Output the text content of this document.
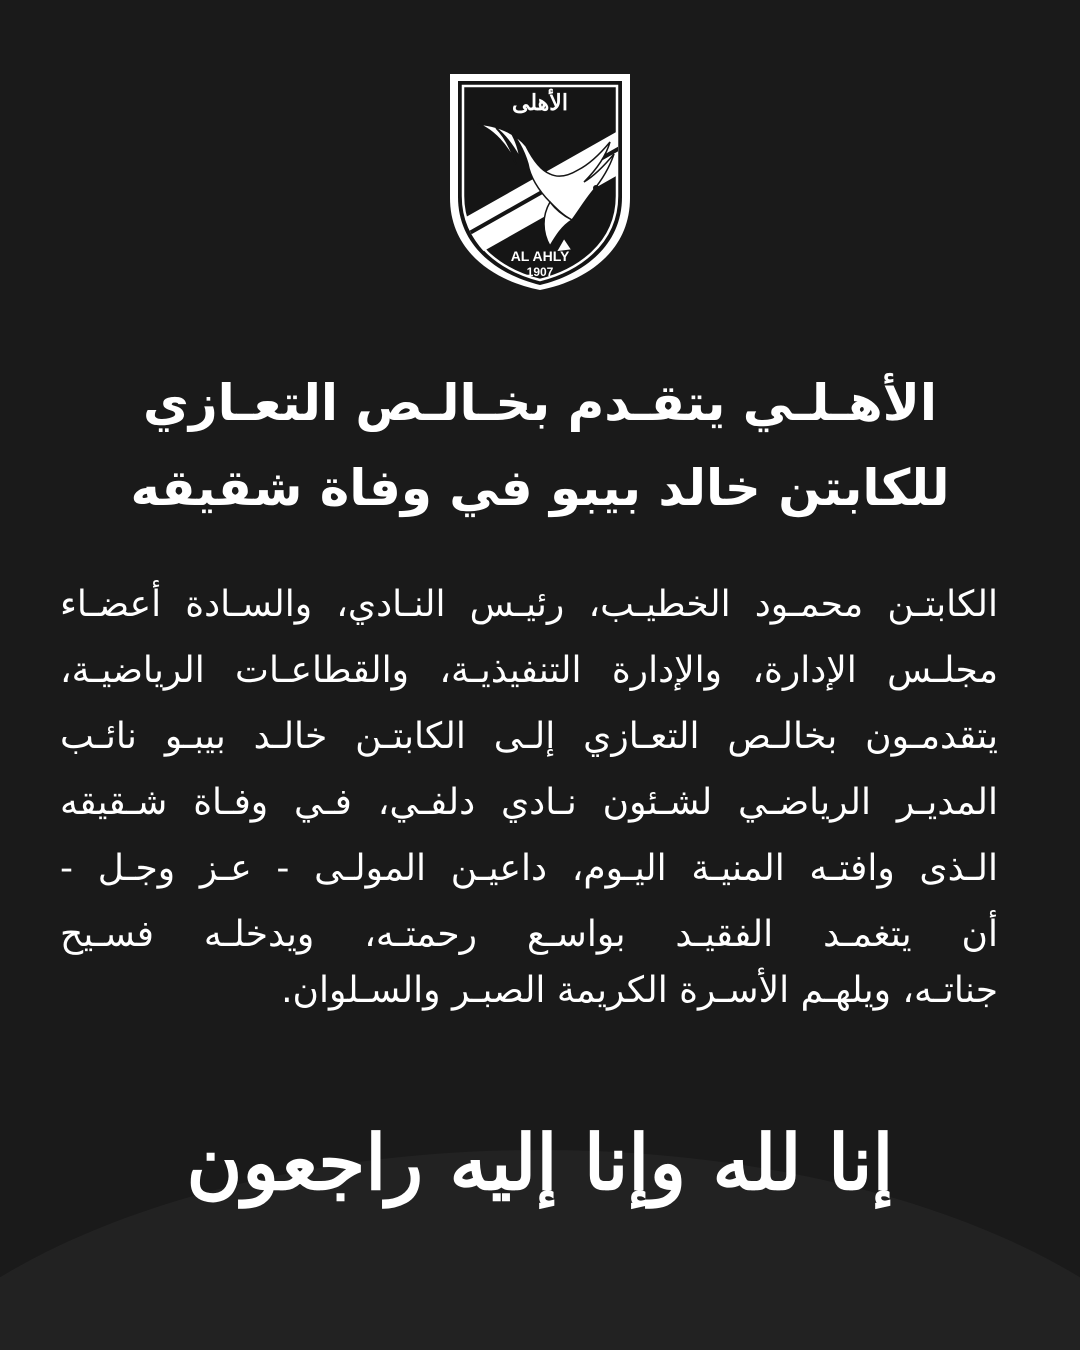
الأهلى
AL AHLY
1907
الأهـلـي يتقـدم بخـالـص التعـازي
للكابتن خالد بيبو في وفاة شقيقه
الكابتـن محمـود الخطيـب، رئيـس النـادي، والسـادة أعضـاء
مجلـس الإدارة، والإدارة التنفيذيـة، والقطاعـات الرياضيـة،
يتقدمـون بخالـص التعـازي إلـى الكابتـن خالـد بيبـو نائـب
المديـر الرياضـي لشـئون نـادي دلفـي، فـي وفـاة شـقيقه
الـذى وافتـه المنيـة اليـوم، داعيـن المولـى - عـز وجـل -
أن يتغمـد الفقيـد بواسـع رحمتـه، ويدخلـه فسـيح
جناتـه، ويلهـم الأسـرة الكريمة الصبـر والسـلوان.
إنا لله وإنا إليه راجعون
